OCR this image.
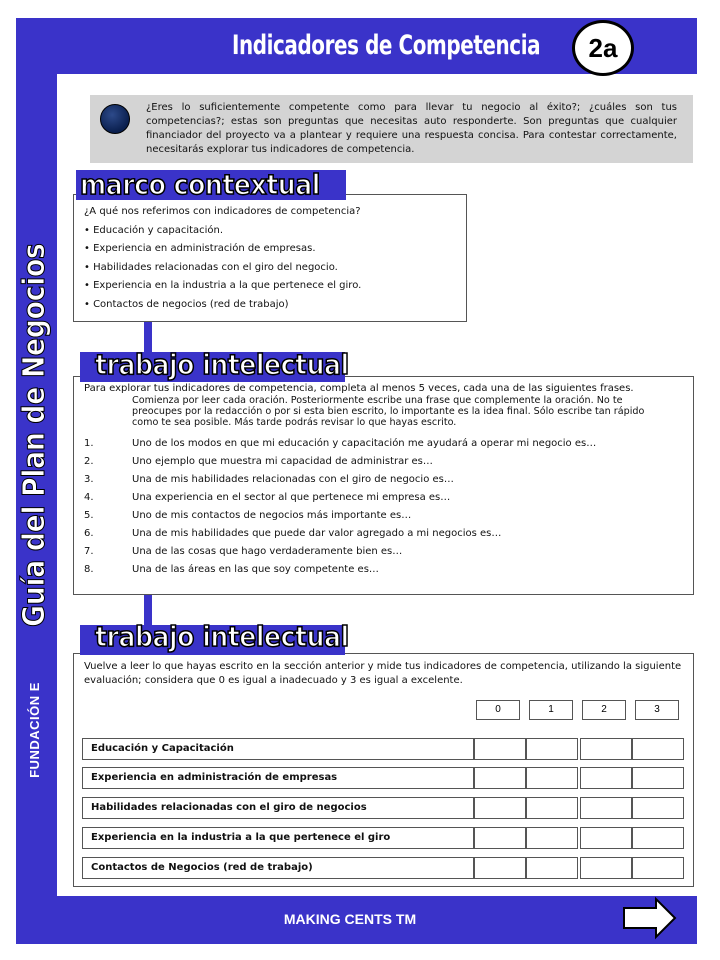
Indicadores de Competencia	2a
Guía del Plan de Negocios
FUNDACIÓN E
¿Eres lo suficientemente competente como para llevar tu negocio al éxito?; ¿cuáles son tus competencias?; estas son preguntas que necesitas auto responderte. Son preguntas que cualquier financiador del proyecto va a plantear y requiere una respuesta concisa. Para contestar correctamente, necesitarás explorar tus indicadores de competencia.
¿A qué nos referimos con indicadores de competencia?
• Educación y capacitación.
• Experiencia en administración de empresas.
• Habilidades relacionadas con el giro del negocio.
• Experiencia en la industria a la que pertenece el giro.
• Contactos de negocios (red de trabajo)
marco contextual
Para explorar tus indicadores de competencia, completa al menos 5 veces, cada una de las siguientes frases.
Comienza por leer cada oración. Posteriormente escribe una frase que complemente la oración. No te preocupes por la redacción o por si esta bien escrito, lo importante es la idea final. Sólo escribe tan rápido como te sea posible. Más tarde podrás revisar lo que hayas escrito.
1.	Uno de los modos en que mi educación y capacitación me ayudará a operar mi negocio es…
2.	Uno ejemplo que muestra mi capacidad de administrar es…
3.	Una de mis habilidades relacionadas con el giro de negocio es…
4.	Una experiencia en el sector al que pertenece mi empresa es…
5.	Uno de mis contactos de negocios más importante es…
6.	Una de mis habilidades que puede dar valor agregado a mi negocios es…
7.	Una de las cosas que hago verdaderamente bien es…
8.	Una de las áreas en las que soy competente es…
trabajo intelectual
Vuelve a leer lo que hayas escrito en la sección anterior y mide tus indicadores de competencia, utilizando la siguiente evaluación; considera que 0 es igual a inadecuado y 3 es igual a excelente.
trabajo intelectual
0	1	2	3
Educación y Capacitación
Experiencia en administración de empresas
Habilidades relacionadas con el giro de negocios
Experiencia en la industria a la que pertenece el giro
Contactos de Negocios (red de trabajo)
MAKING CENTS TM
